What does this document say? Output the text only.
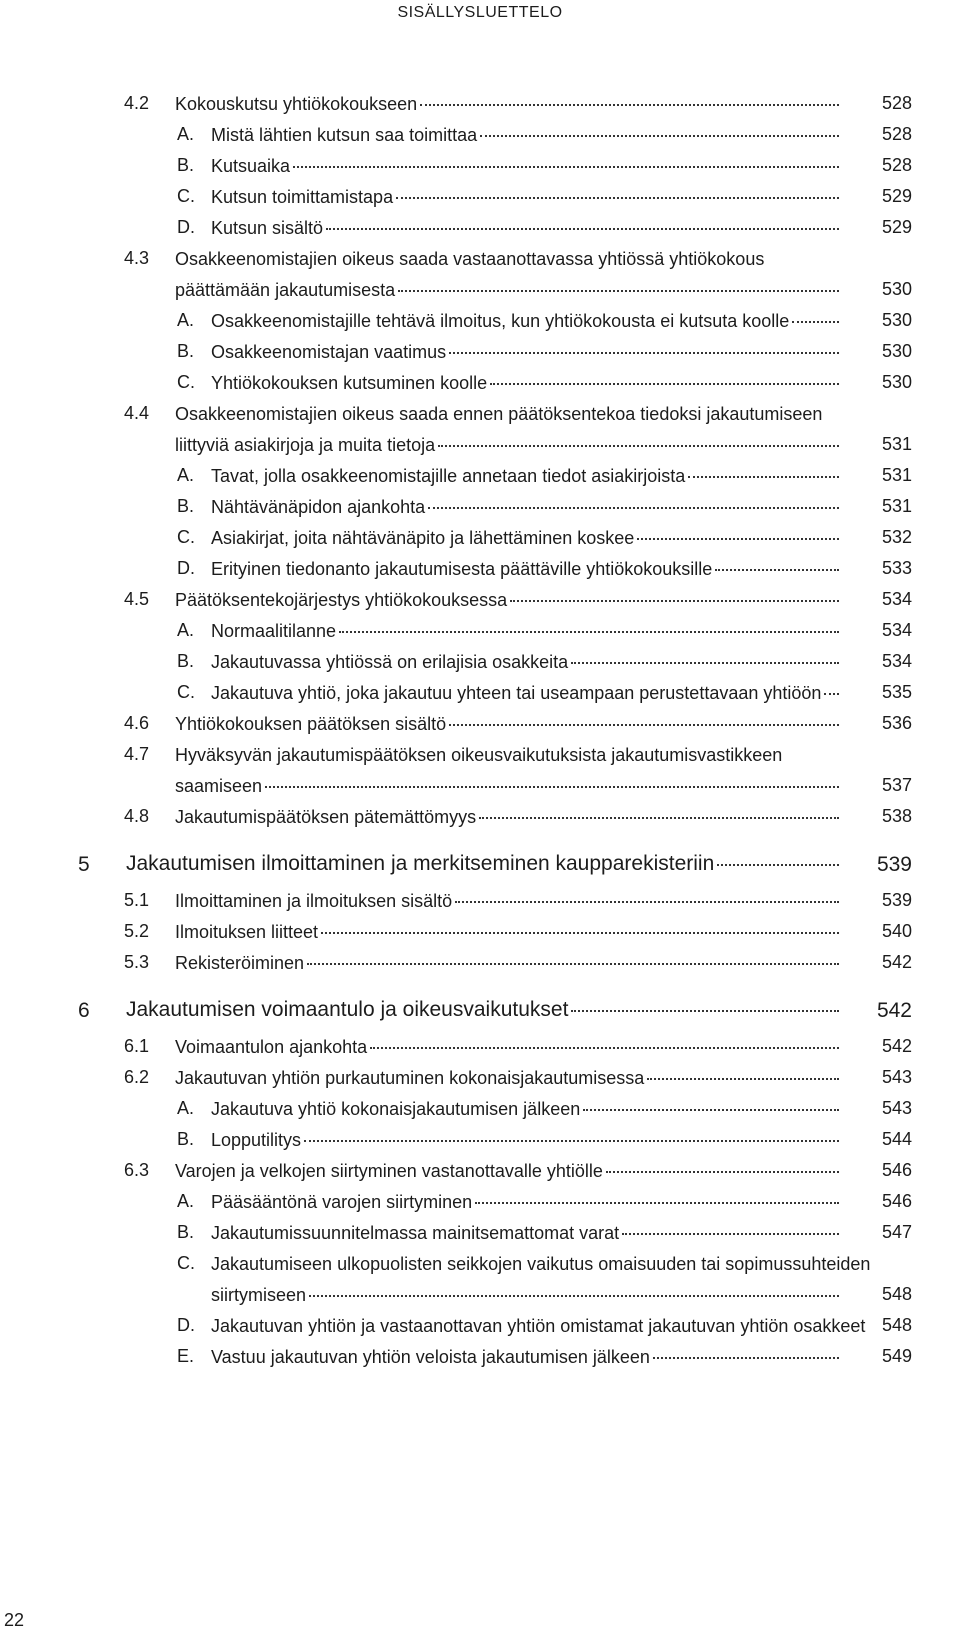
SISÄLLYSLUETTELO
4.2 Kokouskutsu yhtiökokoukseen	528
A. Mistä lähtien kutsun saa toimittaa	528
B. Kutsuaika	528
C. Kutsun toimittamistapa	529
D. Kutsun sisältö	529
4.3 Osakkeenomistajien oikeus saada vastaanottavassa yhtiössä yhtiökokous
päättämään jakautumisesta	530
A. Osakkeenomistajille tehtävä ilmoitus, kun yhtiökokousta ei kutsuta koolle	530
B. Osakkeenomistajan vaatimus	530
C. Yhtiökokouksen kutsuminen koolle	530
4.4 Osakkeenomistajien oikeus saada ennen päätöksentekoa tiedoksi jakautumiseen
liittyviä asiakirjoja ja muita tietoja	531
A. Tavat, jolla osakkeenomistajille annetaan tiedot asiakirjoista	531
B. Nähtävänäpidon ajankohta	531
C. Asiakirjat, joita nähtävänäpito ja lähettäminen koskee	532
D. Erityinen tiedonanto jakautumisesta päättäville yhtiökokouksille	533
4.5 Päätöksentekojärjestys yhtiökokouksessa	534
A. Normaalitilanne	534
B. Jakautuvassa yhtiössä on erilajisia osakkeita	534
C. Jakautuva yhtiö, joka jakautuu yhteen tai useampaan perustettavaan yhtiöön	535
4.6 Yhtiökokouksen päätöksen sisältö	536
4.7 Hyväksyvän jakautumispäätöksen oikeusvaikutuksista jakautumisvastikkeen
saamiseen	537
4.8 Jakautumispäätöksen pätemättömyys	538
5 Jakautumisen ilmoittaminen ja merkitseminen kaupparekisteriin	539
5.1 Ilmoittaminen ja ilmoituksen sisältö	539
5.2 Ilmoituksen liitteet	540
5.3 Rekisteröiminen	542
6 Jakautumisen voimaantulo ja oikeusvaikutukset	542
6.1 Voimaantulon ajankohta	542
6.2 Jakautuvan yhtiön purkautuminen kokonaisjakautumisessa	543
A. Jakautuva yhtiö kokonaisjakautumisen jälkeen	543
B. Lopputilitys	544
6.3 Varojen ja velkojen siirtyminen vastanottavalle yhtiölle	546
A. Pääsääntönä varojen siirtyminen	546
B. Jakautumissuunnitelmassa mainitsemattomat varat	547
C. Jakautumiseen ulkopuolisten seikkojen vaikutus omaisuuden tai sopimussuhteiden
siirtymiseen	548
D. Jakautuvan yhtiön ja vastaanottavan yhtiön omistamat jakautuvan yhtiön osakkeet 548
E. Vastuu jakautuvan yhtiön veloista jakautumisen jälkeen	549
22
